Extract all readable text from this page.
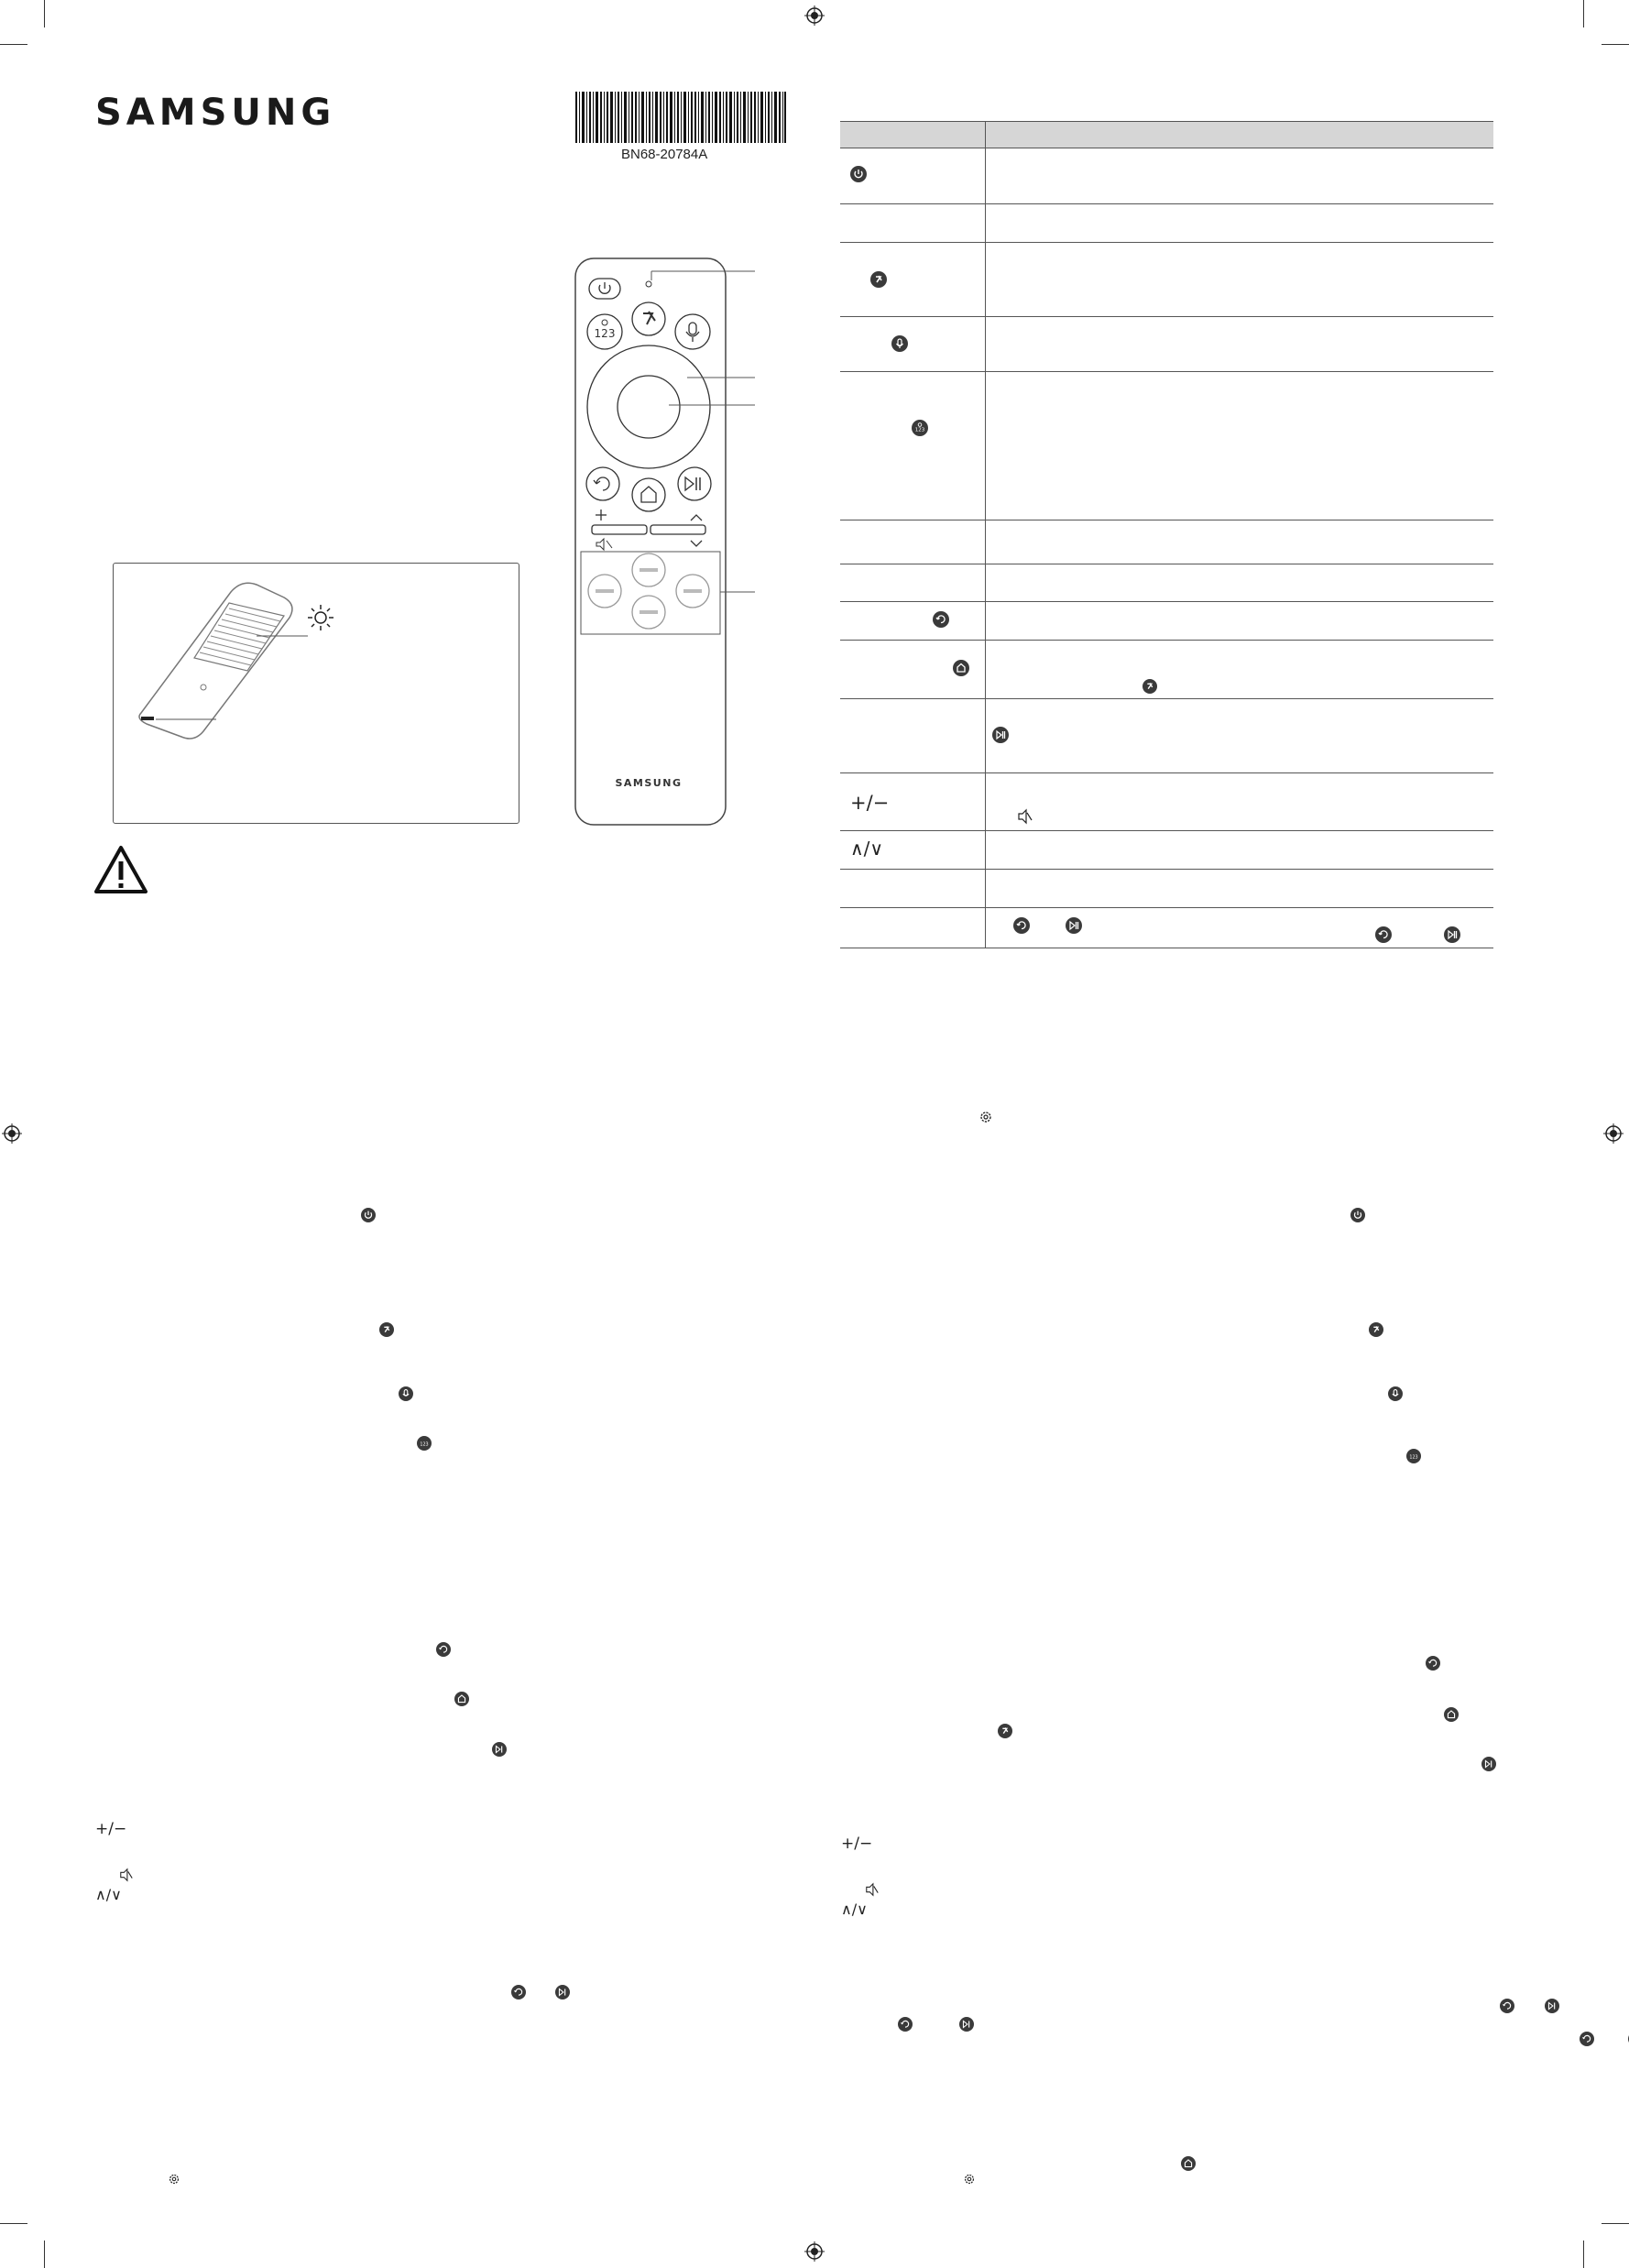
SAMSUNG
BN68-20784A
123
SAMSUNG

123

+/−
∧/∨

123

+/−
∧/∨

123

+/−
∧/∨
